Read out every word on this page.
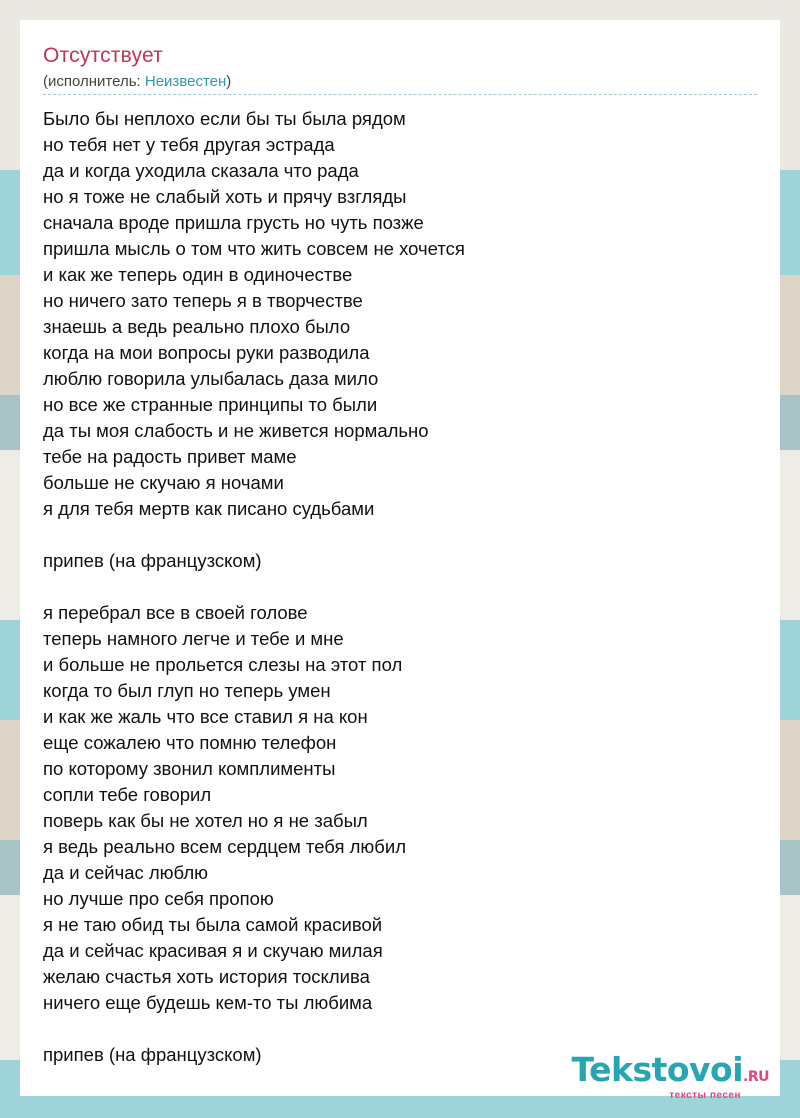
Отсутствует
(исполнитель: Неизвестен)
Было бы неплохо если бы ты была рядом
но тебя нет у тебя другая эстрада
да и когда уходила сказала что рада
но я тоже не слабый хоть и прячу взгляды
сначала вроде пришла грусть но чуть позже
пришла мысль о том что жить совсем не хочется
и как же теперь один в одиночестве
но ничего зато теперь я в творчестве
знаешь а ведь реально плохо было
когда на мои вопросы руки разводила
люблю говорила улыбалась даза мило
но все же странные принципы то были
да ты моя слабость и не живется нормально
тебе на радость привет маме
больше не скучаю я ночами
я для тебя мертв как писано судьбами
припев (на французском)
я перебрал все в своей голове
теперь намного легче и тебе и мне
и больше не прольется слезы на этот пол
когда то был глуп но теперь умен
и как же жаль что все ставил я на кон
еще сожалею что помню телефон
по которому звонил комплименты
сопли тебе говорил
поверь как бы не хотел но я не забыл
я ведь реально всем сердцем тебя любил
да и сейчас люблю
но лучше про себя пропою
я не таю обид ты была самой красивой
да и сейчас красивая я и скучаю милая
желаю счастья хоть история тосклива
ничего еще будешь кем-то ты любима
припев (на французском)	Tekstovoi.RU
тексты песен
